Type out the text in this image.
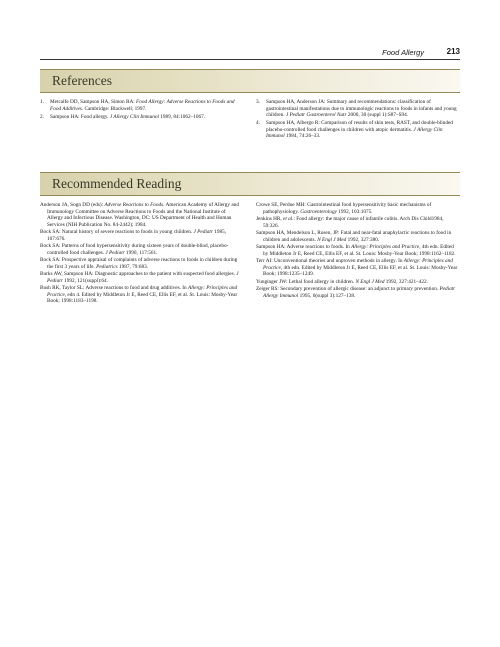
Food Allergy	213
References
1. Metcalfe DD, Sampson HA, Simon RA: Food Allergy: Adverse Reactions to Foods and Food Additives. Cambridge: Blackwell; 1997.
2. Sampson HA: Food allergy. J Allergy Clin Immunol 1989, 84:1062–1067.
3. Sampson HA, Anderson JA: Summary and recommendations: classification of gastrointestinal manifestations due to immunologic reactions to foods in infants and young children. J Pediatr Gastroenterol Nutr 2000, 30 (suppl 1):S87–S94.
4. Sampson HA, Albergo R: Comparison of results of skin tests, RAST, and double-blinded placebo-controlled food challenges in children with atopic dermatitis. J Allergy Clin Immunol 1984, 74:26–33.
Recommended Reading
Anderson JA, Sogn DD (eds): Adverse Reactions to Foods. American Academy of Allergy and Immunology Committee on Adverse Reactions to Foods and the National Institute of Allergy and Infectious Disease. Washington, DC: US Department of Health and Human Services (NIH Publication No. 84-2442); 1984.
Bock SA: Natural history of severe reactions to foods in young children. J Pediatr 1985, 107:676.
Bock SA: Patterns of food hypersensitivity during sixteen years of double-blind, placebo-controlled food challenges. J Pediatr 1990, 117:561.
Bock SA: Prospective appraisal of complaints of adverse reactions to foods in children during the first 3 years of life. Pediatrics 1987, 79:683.
Burks AW, Sampson HA: Diagnostic approaches to the patient with suspected food allergies. J Pediatr 1992, 121(suppl):64.
Bush RK, Taylor SL: Adverse reactions to food and drug additives. In Allergy: Principles and Practice, edn 4. Edited by Middleton Jr E, Reed CE, Ellis EF, et al. St. Louis: Mosby-Year Book; 1998:1183–1198.
Crowe SE, Perdue MH: Gastrointestinal food hypersensitivity basic mechanisms of pathophysiology. Gastroenterology 1992, 103:1075.
Jenkins HR, et al.: Food allergy: the major cause of infantile colitis. Arch Dis Child1984, 59:326.
Sampson HA, Mendelson L, Rosen, JP: Fatal and near-fatal anaphylactic reactions to food in children and adolescents. N Engl J Med 1992, 327:380.
Sampson HA: Adverse reactions to foods. In Allergy: Principles and Practice, 4th edn. Edited by Middleton Jr E, Reed CE, Ellis EF, et al. St. Louis: Mosby-Year Book; 1998:1162–1182.
Terr AI: Unconventional theories and unproven methods in allergy. In Allergy: Principles and Practice, 4th edn. Edited by Middleton Jr E, Reed CE, Ellis EF, et al. St. Louis: Mosby-Year Book; 1998:1235–1249.
Yunginger JW: Lethal food allergy in children. N Engl J Med 1992, 327:421–422.
Zeiger RS: Secondary prevention of allergic disease: an adjunct to primary prevention. Pediatr Allergy Immunol 1995, 6(suppl 3):127–138.
